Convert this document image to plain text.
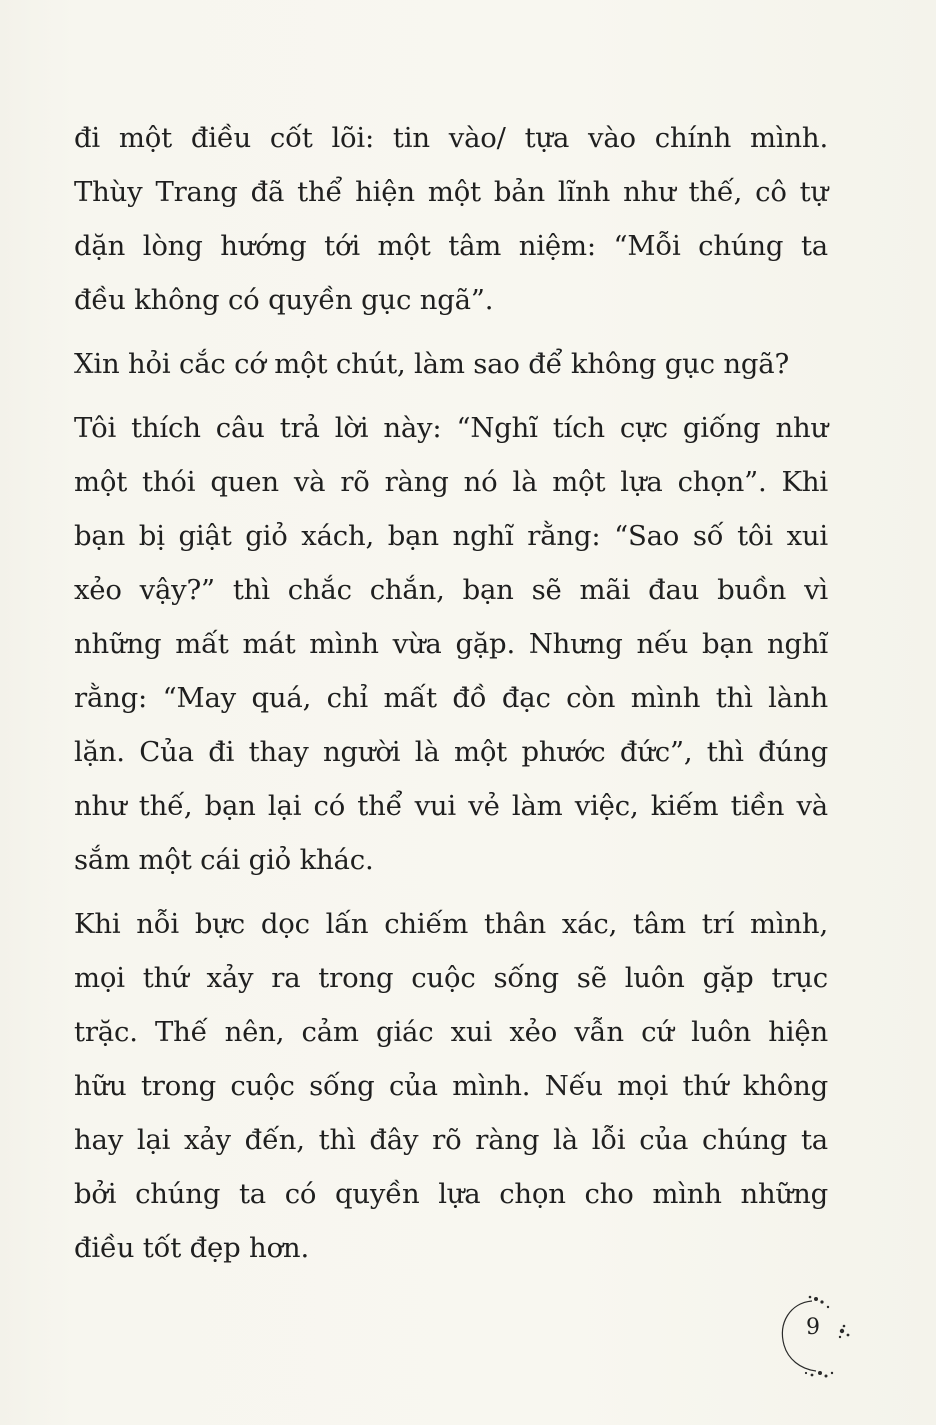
đi một điều cốt lõi: tin vào/ tựa vào chính mình.
Thùy Trang đã thể hiện một bản lĩnh như thế, cô tự
dặn lòng hướng tới một tâm niệm: “Mỗi chúng ta
đều không có quyền gục ngã”.
Xin hỏi cắc cớ một chút, làm sao để không gục ngã?
Tôi thích câu trả lời này: “Nghĩ tích cực giống như
một thói quen và rõ ràng nó là một lựa chọn”. Khi
bạn bị giật giỏ xách, bạn nghĩ rằng: “Sao số tôi xui
xẻo vậy?” thì chắc chắn, bạn sẽ mãi đau buồn vì
những mất mát mình vừa gặp. Nhưng nếu bạn nghĩ
rằng: “May quá, chỉ mất đồ đạc còn mình thì lành
lặn. Của đi thay người là một phước đức”, thì đúng
như thế, bạn lại có thể vui vẻ làm việc, kiếm tiền và
sắm một cái giỏ khác.
Khi nỗi bực dọc lấn chiếm thân xác, tâm trí mình,
mọi thứ xảy ra trong cuộc sống sẽ luôn gặp trục
trặc. Thế nên, cảm giác xui xẻo vẫn cứ luôn hiện
hữu trong cuộc sống của mình. Nếu mọi thứ không
hay lại xảy đến, thì đây rõ ràng là lỗi của chúng ta
bởi chúng ta có quyền lựa chọn cho mình những
điều tốt đẹp hơn.
9
